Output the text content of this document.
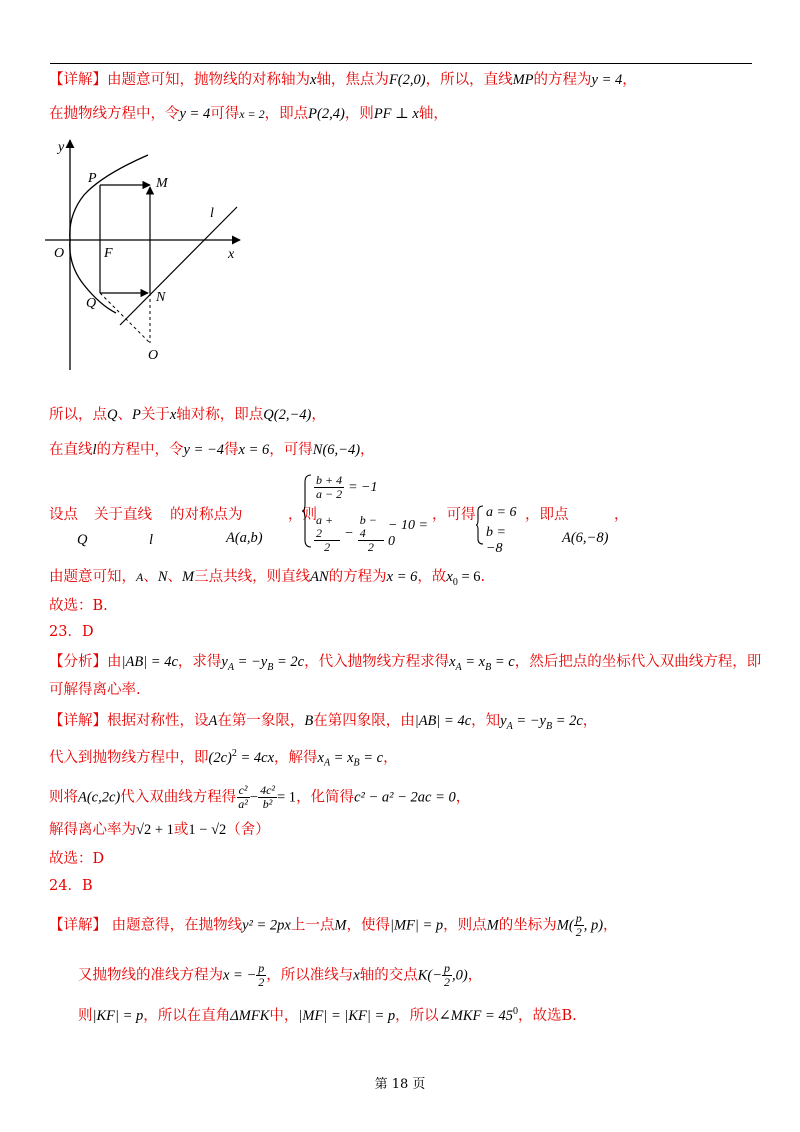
【详解】由题意可知，抛物线的对称轴为x轴，焦点为F(2,0)，所以，直线MP的方程为y = 4，
在抛物线方程中，令y = 4可得x = 2，即点P(2,4)，则PF ⊥ x轴，
y
x
O
P	M
l
F
Q	N
O
所以，点Q、P关于x轴对称，即点Q(2,−4)，
在直线l的方程中，令y = −4得x = 6，可得N(6,−4)，
设点 关于直线 的对称点为	，则	，可得	，即点	，
Q	l	A(a,b)	A(6,−8)
$\frac{b + 4}{a - 2} = -1$
$\frac{a + 2}{2} - \frac{b - 4}{2} - 10 = 0$
a = 6
b = −8
由题意可知，A、N、M三点共线，则直线AN的方程为x = 6，故$x_0 = 6$.
故选：B.
23．D
【分析】由|AB| = 4c，求得$y_A = -y_B = 2c$，代入抛物线方程求得$x_A = x_B = c$，然后把点的坐标代入双曲线方程，即
可解得离心率.
【详解】根据对称性，设A在第一象限，B在第四象限，由|AB| = 4c，知$y_A = -y_B = 2c$，
代入到抛物线方程中，即$(2c)^2 = 4cx$，解得$x_A = x_B = c$，
则将A(c,2c)代入双曲线方程得 $\frac{\text{c²}}{\text{a²}} - \frac{\text{4c²}}{\text{b²}} = 1$，化简得c² − a² − 2ac = 0，
解得离心率为√2 + 1或1 − √2（舍）
故选：D
24．B
【详解】 由题意得，在抛物线y² = 2px上一点M，使得|MF| = p，则点M的坐标为$M( \frac{p}{2}$ , p)，
又抛物线的准线方程为x = − $\frac{p}{2}$ ，所以准线与x轴的交点$K(- \frac{p}{2} ,0)$，
则|KF| = p，所以在直角ΔMFK中，|MF| = |KF| = p，所以∠MKF = $45^0$，故选B.
第 18 页
